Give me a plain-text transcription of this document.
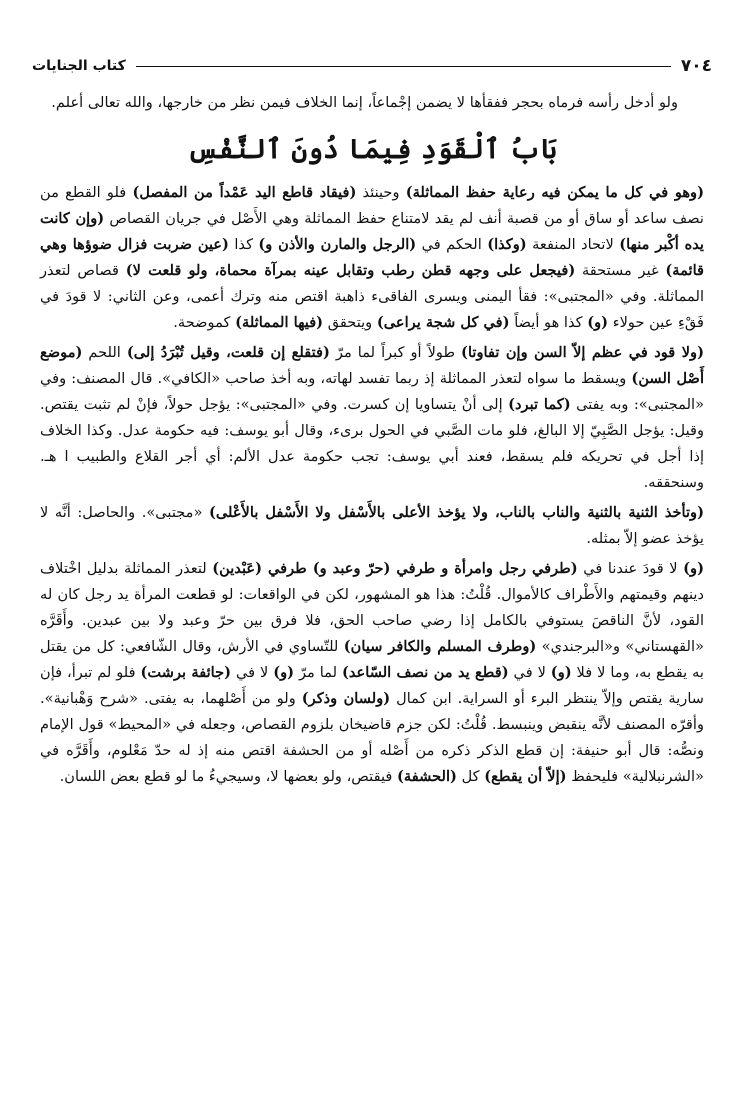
٧٠٤
كتاب الجنايات

ولو أدخل رأسه فرماه بحجر ففقأها لا يضمن إجْماعاً، إنما الخلاف فيمن نظر من خارجها، والله تعالى أعلم.

بَابُ ٱلْقَوَدِ فِيمَا دُونَ ٱلنَّفْسِ

(وهو في كل ما يمكن فيه رعاية حفظ المماثلة) وحينئذ (فيقاد قاطع اليد عَمْداً من المفصل) فلو القطع من نصف ساعد أو ساق أو من قصبة أنف لم يقد لامتناع حفظ المماثلة وهي الأَصْل في جريان القصاص (وإن كانت يده أكْبر منها) لاتحاد المنفعة (وكذا) الحكم في (الرجل والمارن والأذن و) كذا (عين ضربت فزال ضوؤها وهي قائمة) غير مستحقة (فيجعل على وجهه قطن رطب وتقابل عينه بمرآة محماة، ولو قلعت لا) قصاص لتعذر المماثلة. وفي «المجتبى»: فقأ اليمنى ويسرى الفاقىء ذاهبة اقتص منه وترك أعمى، وعن الثاني: لا قودَ في فَقْءِ عين حولاء (و) كذا هو أيضاً (في كل شجة يراعى) ويتحقق (فيها المماثلة) كموضحة.

(ولا قود في عظم إلاّ السن وإن تفاوتا) طولاً أو كبراً لما مرّ (فتقلع إن قلعت، وقيل تُبْرَدُ إلى) اللحم (موضع أَصْل السن) ويسقط ما سواه لتعذر المماثلة إذ ربما تفسد لهاته، وبه أخذ صاحب «الكافي». قال المصنف: وفي «المجتبى»: وبه يفتى (كما تبرد) إلى أنْ يتساويا إن كسرت. وفي «المجتبى»: يؤجل حولاً، فإنْ لم تثبت يقتص. وقيل: يؤجل الصَّبِيّ إلا البالغ، فلو مات الصَّبي في الحول برىء، وقال أبو يوسف: فيه حكومة عدل. وكذا الخلاف إذا أجل في تحريكه فلم يسقط، فعند أبي يوسف: تجب حكومة عدل الألم: أي أجر القلاع والطبيب ا هـ. وسنحققه.

(وتأخذ الثنية بالثنية والناب بالناب، ولا يؤخذ الأعلى بالأَسْفل ولا الأَسْفل بالأَعْلى) «مجتبى». والحاصل: أنَّه لا يؤخذ عضو إلاّ بمثله.

(و) لا قودَ عندنا في (طرفي رجل وامرأة و طرفي (حرّ وعبد و) طرفي (عَبْدين) لتعذر المماثلة بدليل اخْتلاف دينهم وقيمتهم والأَطْراف كالأموال. قُلْتُ: هذا هو المشهور، لكن في الواقعات: لو قطعت المرأة يد رجل كان له القود، لأنَّ الناقصَ يستوفي بالكامل إذا رضي صاحب الحق، فلا فرق بين حرّ وعبد ولا بين عبدين. وأَقَرَّه «القهستاني» و«البرجندي» (وطرف المسلم والكافر سيان) للتّساوي في الأرش، وقال الشّافعي: كل من يقتل به يقطع به، وما لا فلا (و) لا في (قطع يد من نصف السّاعد) لما مرّ (و) لا في (جائفة برشت) فلو لم تبرأ، فإن سارية يقتص وإلاّ ينتظر البرء أو السراية. ابن كمال (ولسان وذكر) ولو من أَصْلهما، به يفتى. «شرح وَهْبانية». وأقرّه المصنف لأنَّه ينقبض وينبسط. قُلْتُ: لكن جزم قاضيخان بلزوم القصاص، وجعله في «المحيط» قول الإمام ونصُّه: قال أبو حنيفة: إن قطع الذكر ذكره من أَصْله أو من الحشفة اقتص منه إذ له حدّ مَعْلوم، وأَقَرَّه في «الشرنبلالية» فليحفظ (إلاّ أن يقطع) كل (الحشفة) فيقتص، ولو بعضها لا، وسيجيءُ ما لو قطع بعض اللسان.
